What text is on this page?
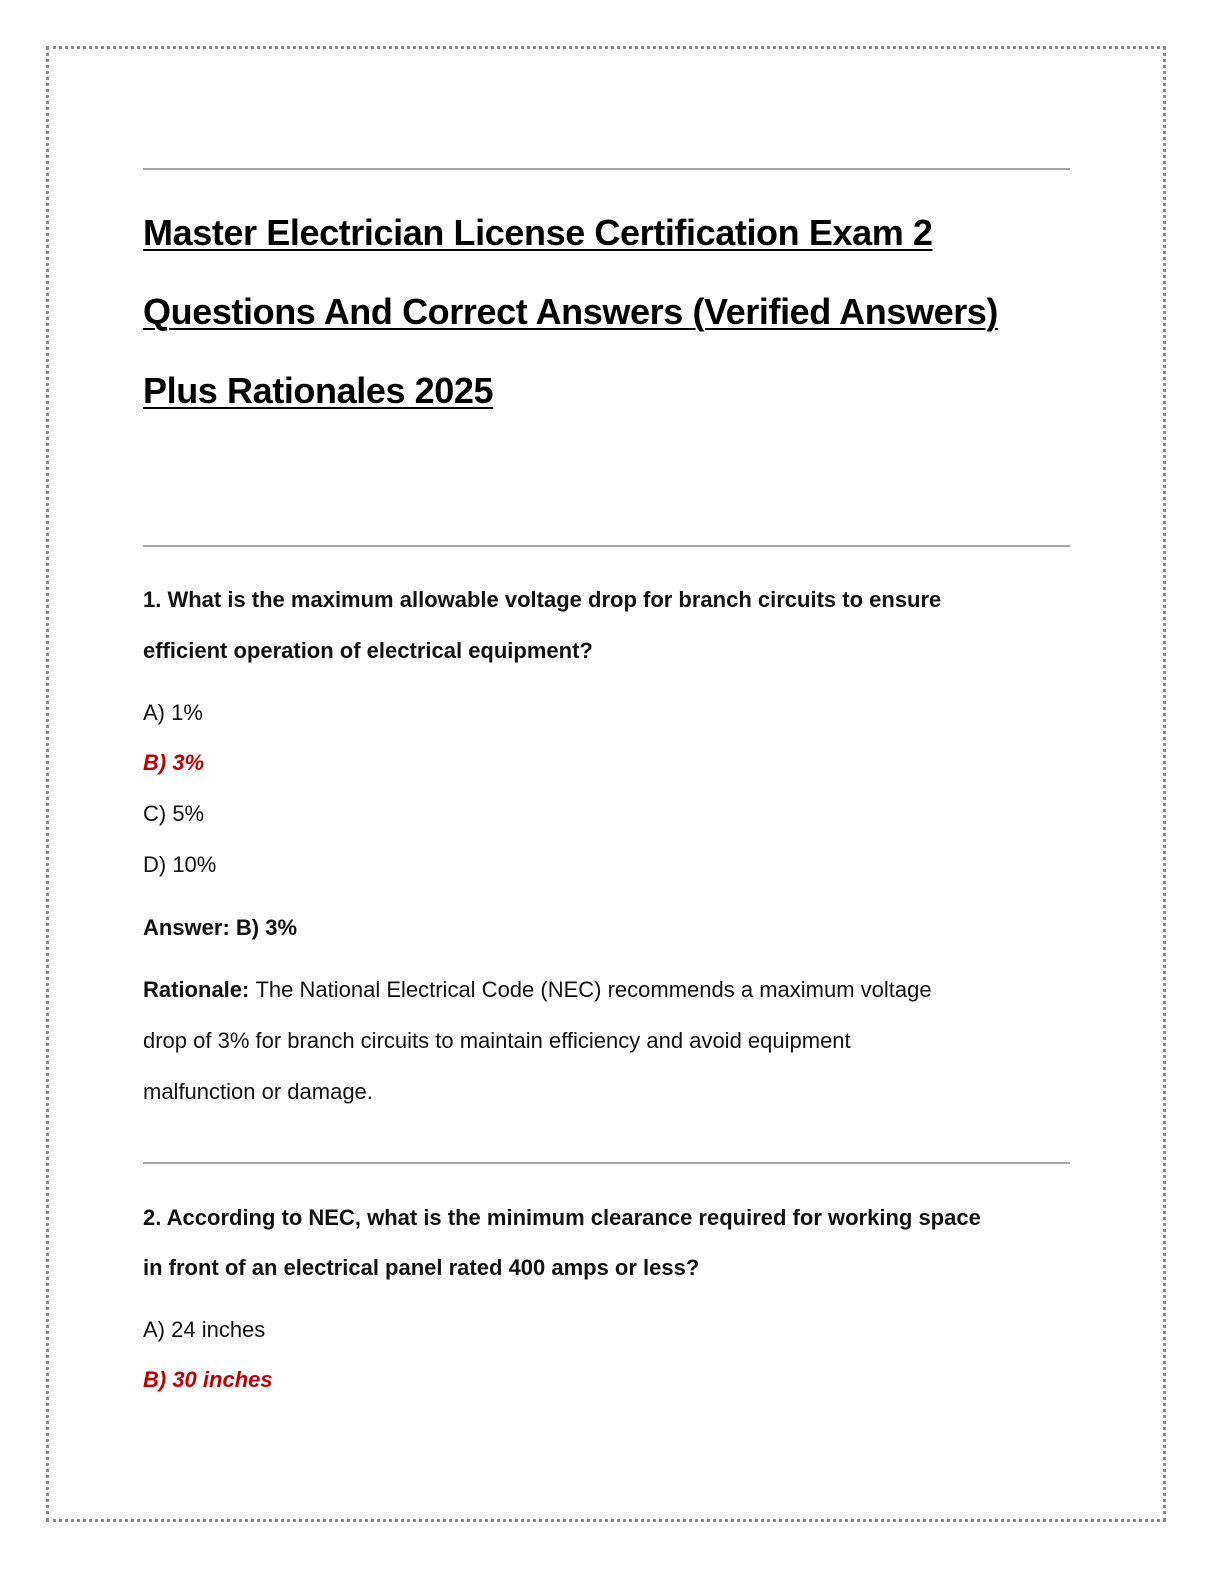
Master Electrician License Certification Exam 2
Questions And Correct Answers (Verified Answers)
Plus Rationales 2025
1. What is the maximum allowable voltage drop for branch circuits to ensure
efficient operation of electrical equipment?
A) 1%
B) 3%
C) 5%
D) 10%
Answer: B) 3%
Rationale: The National Electrical Code (NEC) recommends a maximum voltage
drop of 3% for branch circuits to maintain efficiency and avoid equipment
malfunction or damage.
2. According to NEC, what is the minimum clearance required for working space
in front of an electrical panel rated 400 amps or less?
A) 24 inches
B) 30 inches
